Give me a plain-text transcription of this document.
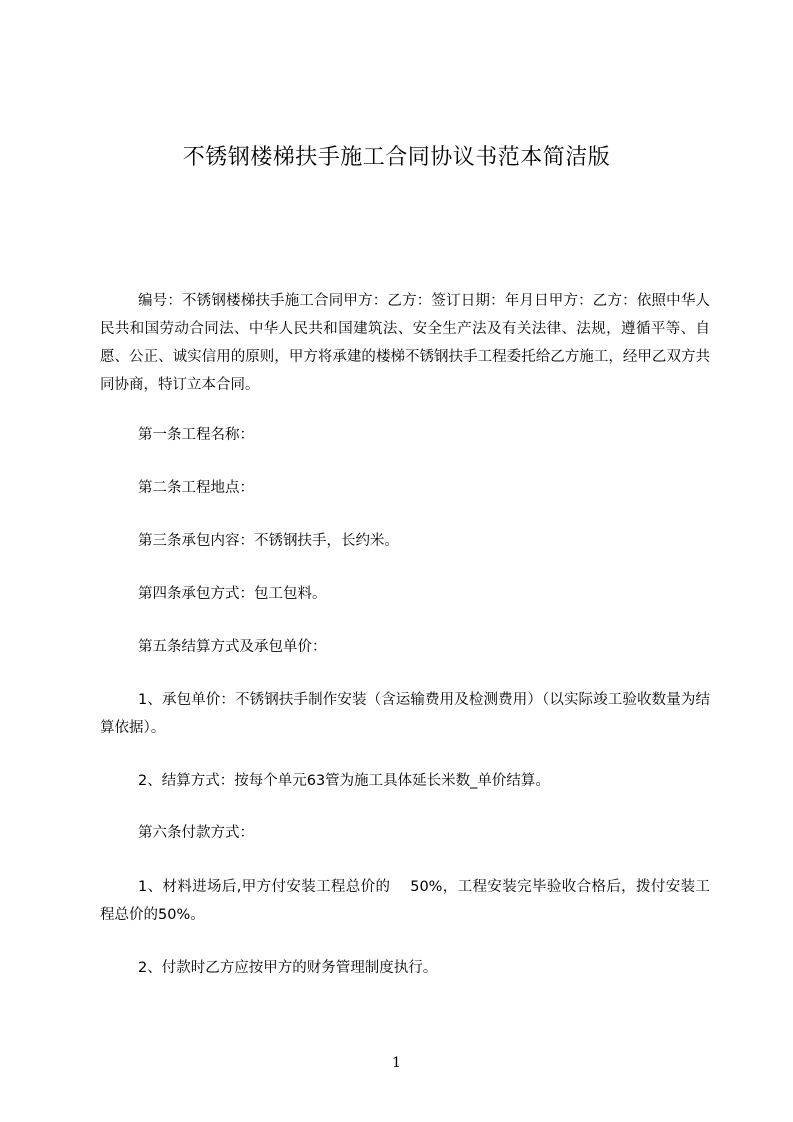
不锈钢楼梯扶手施工合同协议书范本简洁版
编号：不锈钢楼梯扶手施工合同甲方：乙方：签订日期：年月日甲方：乙方：依照中华人民共和国劳动合同法、中华人民共和国建筑法、安全生产法及有关法律、法规，遵循平等、自愿、公正、诚实信用的原则，甲方将承建的楼梯不锈钢扶手工程委托给乙方施工，经甲乙双方共同协商，特订立本合同。
第一条工程名称：
第二条工程地点：
第三条承包内容：不锈钢扶手，长约米。
第四条承包方式：包工包料。
第五条结算方式及承包单价：
1、承包单价：不锈钢扶手制作安装（含运输费用及检测费用）（以实际竣工验收数量为结算依据）。
2、结算方式：按每个单元63管为施工具体延长米数_单价结算。
第六条付款方式：
1、材料进场后,甲方付安装工程总价的　 50%，工程安装完毕验收合格后，拨付安装工程总价的50%。
2、付款时乙方应按甲方的财务管理制度执行。
1
